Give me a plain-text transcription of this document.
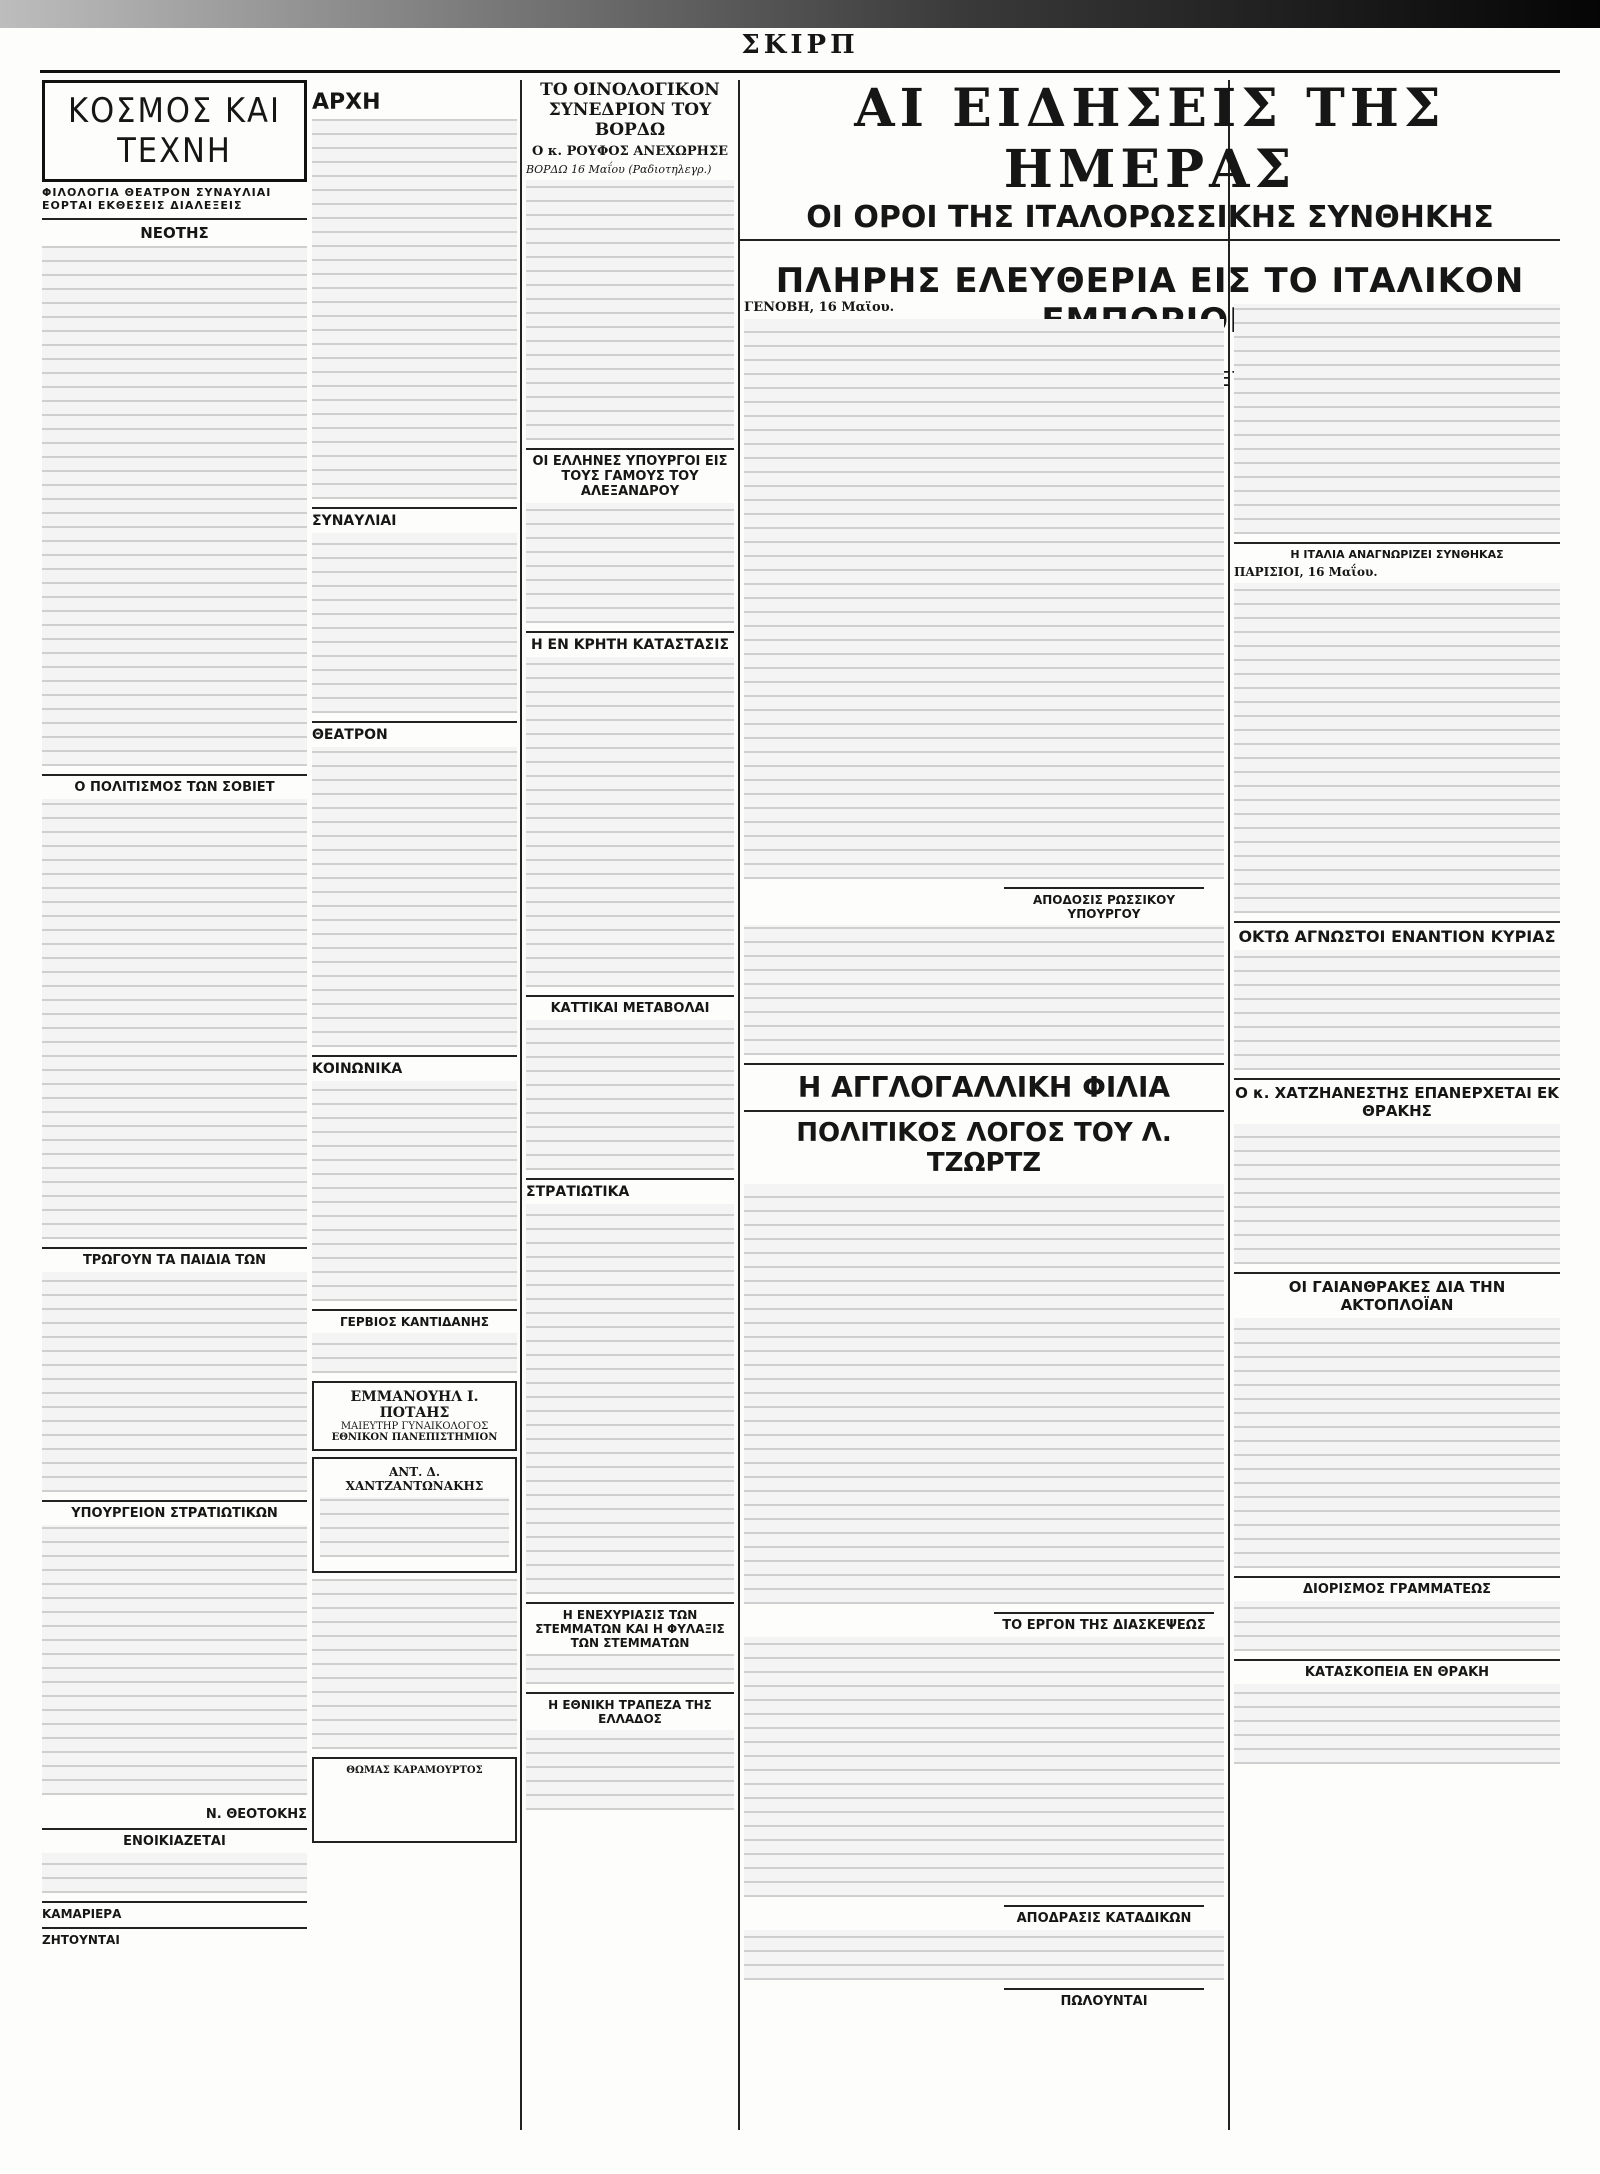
ΣΚΙΡΠ
ΚΟΣΜΟΣ ΚΑΙ ΤΕΧΝΗ
ΦΙΛΟΛΟΓΙΑ ΘΕΑΤΡΟΝ ΣΥΝΑΥΛΙΑΙ ΕΟΡΤΑΙ ΕΚΘΕΣΕΙΣ ΔΙΑΛΕΞΕΙΣ
ΝΕΟΤΗΣ
Ο ΠΟΛΙΤΙΣΜΟΣ ΤΩΝ ΣΟΒΙΕΤ
ΤΡΩΓΟΥΝ ΤΑ ΠΑΙΔΙΑ ΤΩΝ
ΥΠΟΥΡΓΕΙΟΝ ΣΤΡΑΤΙΩΤΙΚΩΝ
Ν. ΘΕΟΤΟΚΗΣ
ΕΝΟΙΚΙΑΖΕΤΑΙ
ΚΑΜΑΡΙΕΡΑ
ΖΗΤΟΥΝΤΑΙ
ΑΡΧΗ
ΣΥΝΑΥΛΙΑΙ
ΘΕΑΤΡΟΝ
ΚΟΙΝΩΝΙΚΑ
ΓΕΡΒΙΟΣ ΚΑΝΤΙΔΑΝΗΣ
ΕΜΜΑΝΟΥΗΛ Ι. ΠΟΤΑΗΣ
ΜΑΙΕΥΤΗΡ ΓΥΝΑΙΚΟΛΟΓΟΣ
ΕΘΝΙΚΟΝ ΠΑΝΕΠΙΣΤΗΜΙΟΝ
ΑΝΤ. Δ. ΧΑΝΤΖΑΝΤΩΝΑΚΗΣ
ΘΩΜΑΣ ΚΑΡΑΜΟΥΡΤΟΣ
ΤΟ ΟΙΝΟΛΟΓΙΚΟΝ ΣΥΝΕΔΡΙΟΝ ΤΟΥ ΒΟΡΔΩ
Ο κ. ΡΟΥΦΟΣ ΑΝΕΧΩΡΗΣΕ
ΒΟΡΔΩ 16 Μαΐου (Ραδιοτηλεγρ.)
ΟΙ ΕΛΛΗΝΕΣ ΥΠΟΥΡΓΟΙ ΕΙΣ ΤΟΥΣ ΓΑΜΟΥΣ ΤΟΥ ΑΛΕΞΑΝΔΡΟΥ
Η ΕΝ ΚΡΗΤΗ ΚΑΤΑΣΤΑΣΙΣ
ΚΑΤΤΙΚΑΙ ΜΕΤΑΒΟΛΑΙ
ΣΤΡΑΤΙΩΤΙΚΑ
Η ΕΝΕΧΥΡΙΑΣΙΣ ΤΩΝ ΣΤΕΜΜΑΤΩΝ ΚΑΙ Η ΦΥΛΑΞΙΣ ΤΩΝ ΣΤΕΜΜΑΤΩΝ
Η ΕΘΝΙΚΗ ΤΡΑΠΕΖΑ ΤΗΣ ΕΛΛΑΔΟΣ
ΑΙ ΕΙΔΗΣΕΙΣ ΤΗΣ ΗΜΕΡΑΣ
ΟΙ ΟΡΟΙ ΤΗΣ ΙΤΑΛΟΡΩΣΣΙΚΗΣ ΣΥΝΘΗΚΗΣ
ΠΛΗΡΗΣ ΕΛΕΥΘΕΡΙΑ ΕΙΣ ΤΟ ΙΤΑΛΙΚΟΝ
ΓΕΝΟΒΗ, 16 Μαΐου.
ΑΠΟΔΟΣΙΣ ΡΩΣΣΙΚΟΥ ΥΠΟΥΡΓΟΥ
Η ΑΓΓΛΟΓΑΛΛΙΚΗ ΦΙΛΙΑ
ΠΟΛΙΤΙΚΟΣ ΛΟΓΟΣ ΤΟΥ Λ. ΤΖΩΡΤΖ
ΤΟ ΕΡΓΟΝ ΤΗΣ ΔΙΑΣΚΕΨΕΩΣ
ΑΠΟΔΡΑΣΙΣ ΚΑΤΑΔΙΚΩΝ
ΠΩΛΟΥΝΤΑΙ
Η ΙΤΑΛΙΑ ΑΝΑΓΝΩΡΙΖΕΙ ΣΥΝΘΗΚΑΣ
ΠΑΡΙΣΙΟΙ, 16 Μαΐου.
ΟΚΤΩ ΑΓΝΩΣΤΟΙ ΕΝΑΝΤΙΟΝ ΚΥΡΙΑΣ
Ο κ. ΧΑΤΖΗΑΝΕΣΤΗΣ ΕΠΑΝΕΡΧΕΤΑΙ ΕΚ ΘΡΑΚΗΣ
ΟΙ ΓΑΙΑΝΘΡΑΚΕΣ ΔΙΑ ΤΗΝ ΑΚΤΟΠΛΟΪΑΝ
ΔΙΟΡΙΣΜΟΣ ΓΡΑΜΜΑΤΕΩΣ
ΚΑΤΑΣΚΟΠΕΙΑ ΕΝ ΘΡΑΚΗ
